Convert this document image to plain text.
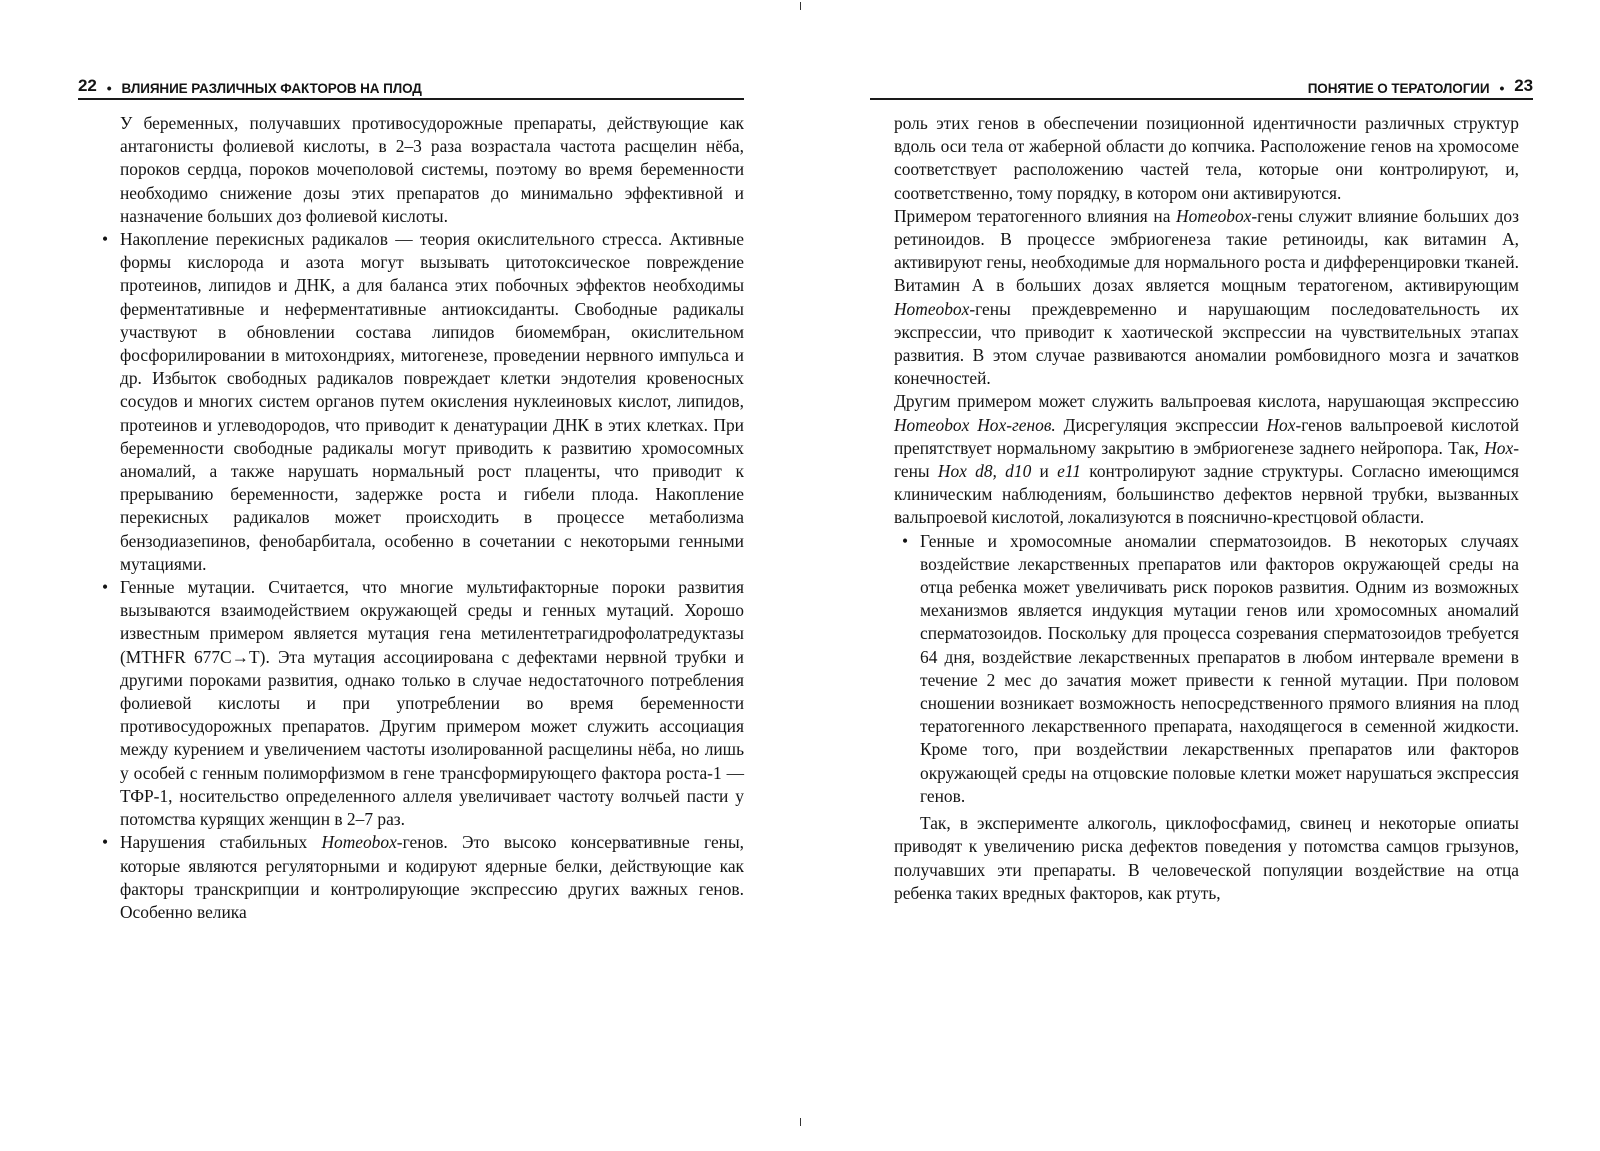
22 • ВЛИЯНИЕ РАЗЛИЧНЫХ ФАКТОРОВ НА ПЛОД

У беременных, получавших противосудорожные препараты, действующие как антагонисты фолиевой кислоты, в 2–3 раза возрастала частота расщелин нёба, пороков сердца, пороков мочеполовой системы, поэтому во время беременности необходимо снижение дозы этих препаратов до минимально эффективной и назначение больших доз фолиевой кислоты.

• Накопление перекисных радикалов — теория окислительного стресса. Активные формы кислорода и азота могут вызывать цитотоксическое повреждение протеинов, липидов и ДНК, а для баланса этих побочных эффектов необходимы ферментативные и неферментативные антиоксиданты. Свободные радикалы участвуют в обновлении состава липидов биомембран, окислительном фосфорилировании в митохондриях, митогенезе, проведении нервного импульса и др. Избыток свободных радикалов повреждает клетки эндотелия кровеносных сосудов и многих систем органов путем окисления нуклеиновых кислот, липидов, протеинов и углеводородов, что приводит к денатурации ДНК в этих клетках. При беременности свободные радикалы могут приводить к развитию хромосомных аномалий, а также нарушать нормальный рост плаценты, что приводит к прерыванию беременности, задержке роста и гибели плода. Накопление перекисных радикалов может происходить в процессе метаболизма бензодиазепинов, фенобарбитала, особенно в сочетании с некоторыми генными мутациями.
• Генные мутации. Считается, что многие мультифакторные пороки развития вызываются взаимодействием окружающей среды и генных мутаций. Хорошо известным примером является мутация гена метилентетрагидрофолатредуктазы (MTHFR 677C→T). Эта мутация ассоциирована с дефектами нервной трубки и другими пороками развития, однако только в случае недостаточного потребления фолиевой кислоты и при употреблении во время беременности противосудорожных препаратов. Другим примером может служить ассоциация между курением и увеличением частоты изолированной расщелины нёба, но лишь у особей с генным полиморфизмом в гене трансформирующего фактора роста-1 — ТФР-1, носительство определенного аллеля увеличивает частоту волчьей пасти у потомства курящих женщин в 2–7 раз.
• Нарушения стабильных Homeobox-генов. Это высоко консервативные гены, которые являются регуляторными и кодируют ядерные белки, действующие как факторы транскрипции и контролирующие экспрессию других важных генов. Особенно велика
ПОНЯТИЕ О ТЕРАТОЛОГИИ • 23

роль этих генов в обеспечении позиционной идентичности различных структур вдоль оси тела от жаберной области до копчика. Расположение генов на хромосоме соответствует расположению частей тела, которые они контролируют, и, соответственно, тому порядку, в котором они активируются.

Примером тератогенного влияния на Homeobox-гены служит влияние больших доз ретиноидов. В процессе эмбриогенеза такие ретиноиды, как витамин А, активируют гены, необходимые для нормального роста и дифференцировки тканей. Витамин А в больших дозах является мощным тератогеном, активирующим Homeobox-гены преждевременно и нарушающим последовательность их экспрессии, что приводит к хаотической экспрессии на чувствительных этапах развития. В этом случае развиваются аномалии ромбовидного мозга и зачатков конечностей.

Другим примером может служить вальпроевая кислота, нарушающая экспрессию Homeobox Hox-генов. Дисрегуляция экспрессии Hox-генов вальпроевой кислотой препятствует нормальному закрытию в эмбриогенезе заднего нейропора. Так, Hox-гены Hox d8, d10 и e11 контролируют задние структуры. Согласно имеющимся клиническим наблюдениям, большинство дефектов нервной трубки, вызванных вальпроевой кислотой, локализуются в пояснично-крестцовой области.

• Генные и хромосомные аномалии сперматозоидов. В некоторых случаях воздействие лекарственных препаратов или факторов окружающей среды на отца ребенка может увеличивать риск пороков развития. Одним из возможных механизмов является индукция мутации генов или хромосомных аномалий сперматозоидов. Поскольку для процесса созревания сперматозоидов требуется 64 дня, воздействие лекарственных препаратов в любом интервале времени в течение 2 мес до зачатия может привести к генной мутации. При половом сношении возникает возможность непосредственного прямого влияния на плод тератогенного лекарственного препарата, находящегося в семенной жидкости. Кроме того, при воздействии лекарственных препаратов или факторов окружающей среды на отцовские половые клетки может нарушаться экспрессия генов.

Так, в эксперименте алкоголь, циклофосфамид, свинец и некоторые опиаты приводят к увеличению риска дефектов поведения у потомства самцов грызунов, получавших эти препараты. В человеческой популяции воздействие на отца ребенка таких вредных факторов, как ртуть,
